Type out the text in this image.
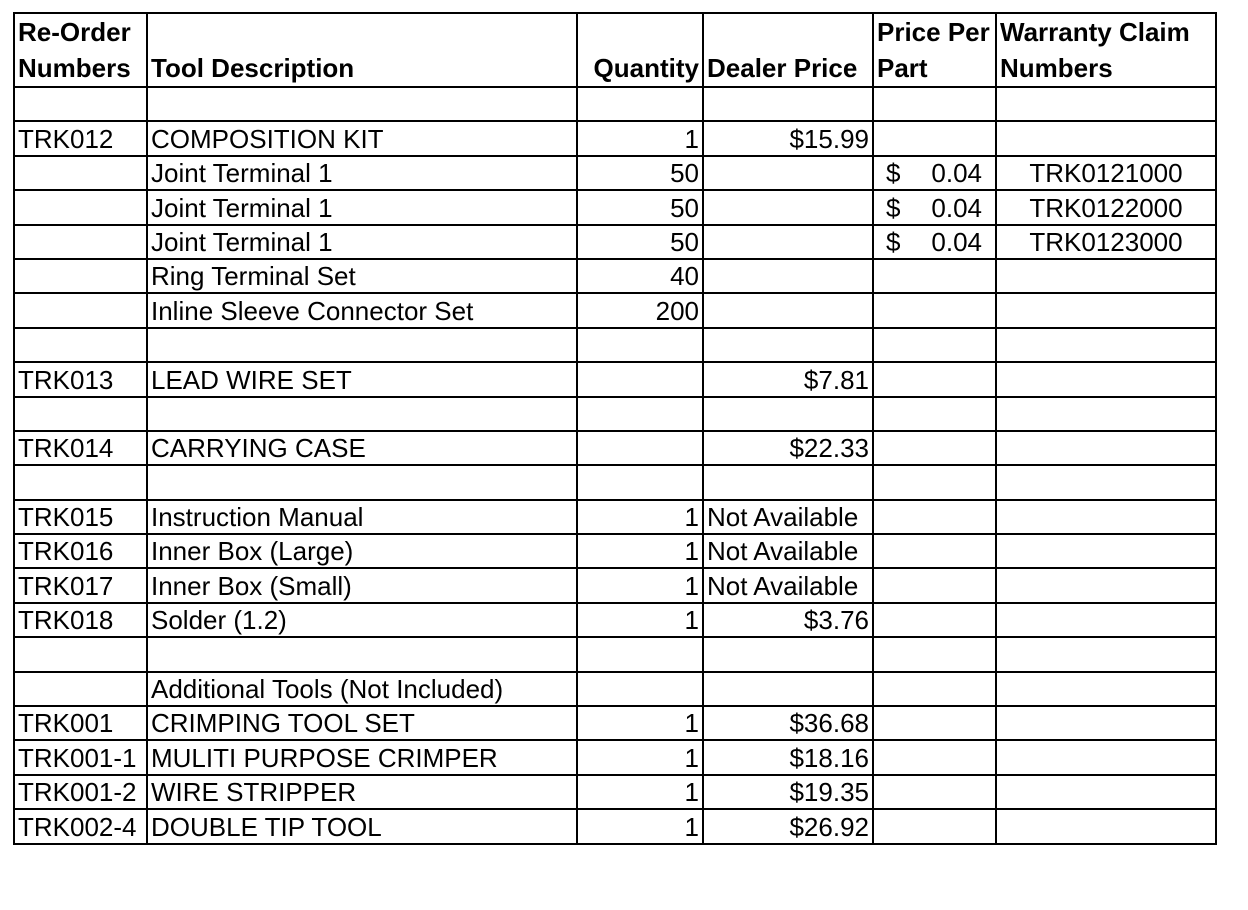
Re-Order Numbers	Tool Description	Quantity	Dealer Price	Price Per Part	Warranty Claim Numbers

TRK012	COMPOSITION KIT	1	$15.99		
	Joint Terminal 1	50		$ 0.04	TRK0121000
	Joint Terminal 1	50		$ 0.04	TRK0122000
	Joint Terminal 1	50		$ 0.04	TRK0123000
	Ring Terminal Set	40			
	Inline Sleeve Connector Set	200			

TRK013	LEAD WIRE SET		$7.81		

TRK014	CARRYING CASE		$22.33		

TRK015	Instruction Manual	1	Not Available		
TRK016	Inner Box (Large)	1	Not Available		
TRK017	Inner Box (Small)	1	Not Available		
TRK018	Solder (1.2)	1	$3.76		

	Additional Tools (Not Included)				
TRK001	CRIMPING TOOL SET	1	$36.68		
TRK001-1	MULITI PURPOSE CRIMPER	1	$18.16		
TRK001-2	WIRE STRIPPER	1	$19.35		
TRK002-4	DOUBLE TIP TOOL	1	$26.92		
